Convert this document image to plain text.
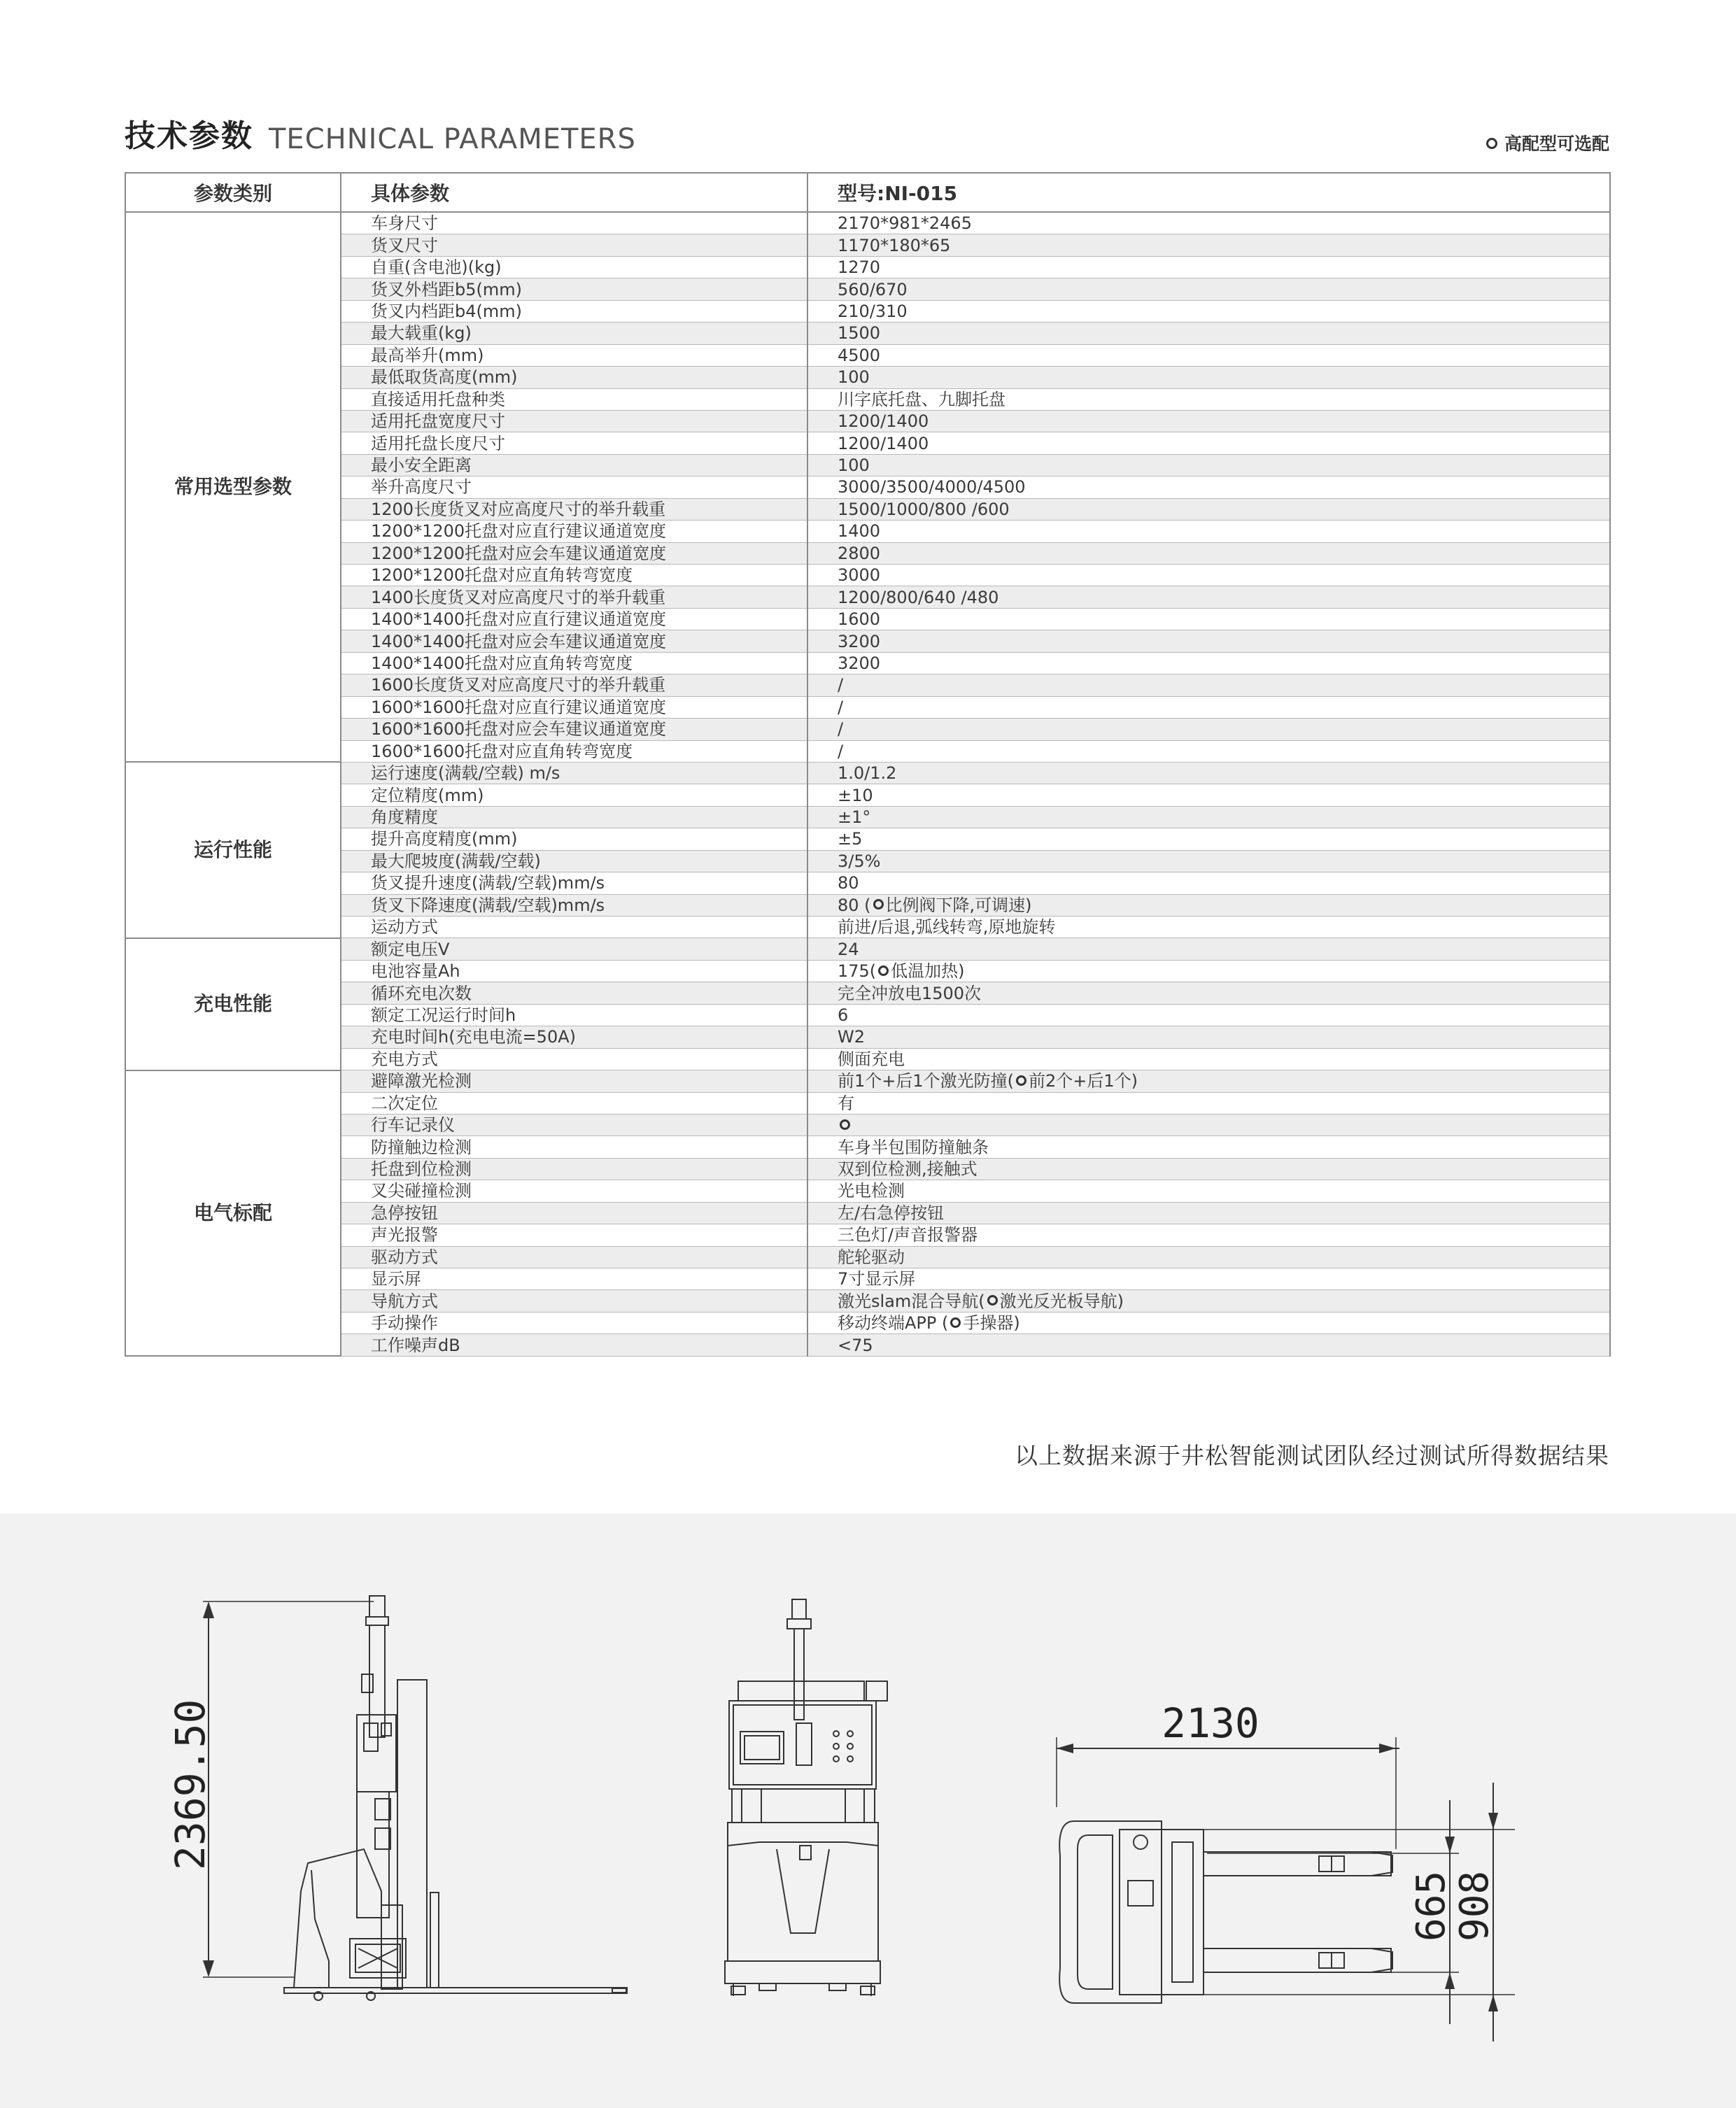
技术参数 TECHNICAL PARAMETERS	高配型可选配
参数类别	具体参数	型号:NI-015
常用选型参数	车身尺寸	2170*981*2465
	货叉尺寸	1170*180*65
	自重(含电池)(kg)	1270
	货叉外档距b5(mm)	560/670
	货叉内档距b4(mm)	210/310
	最大载重(kg)	1500
	最高举升(mm)	4500
	最低取货高度(mm)	100
	直接适用托盘种类	川字底托盘、九脚托盘
	适用托盘宽度尺寸	1200/1400
	适用托盘长度尺寸	1200/1400
	最小安全距离	100
	举升高度尺寸	3000/3500/4000/4500
	1200长度货叉对应高度尺寸的举升载重	1500/1000/800 /600
	1200*1200托盘对应直行建议通道宽度	1400
	1200*1200托盘对应会车建议通道宽度	2800
	1200*1200托盘对应直角转弯宽度	3000
	1400长度货叉对应高度尺寸的举升载重	1200/800/640 /480
	1400*1400托盘对应直行建议通道宽度	1600
	1400*1400托盘对应会车建议通道宽度	3200
	1400*1400托盘对应直角转弯宽度	3200
	1600长度货叉对应高度尺寸的举升载重	/
	1600*1600托盘对应直行建议通道宽度	/
	1600*1600托盘对应会车建议通道宽度	/
	1600*1600托盘对应直角转弯宽度	/
运行性能	运行速度(满载/空载) m/s	1.0/1.2
	定位精度(mm)	±10
	角度精度	±1°
	提升高度精度(mm)	±5
	最大爬坡度(满载/空载)	3/5%
	货叉提升速度(满载/空载)mm/s	80
	货叉下降速度(满载/空载)mm/s	80 ( 比例阀下降,可调速)
	运动方式	前进/后退,弧线转弯,原地旋转
充电性能	额定电压V	24
	电池容量Ah	175( 低温加热)
	循环充电次数	完全冲放电1500次
	额定工况运行时间h	6
	充电时间h(充电电流=50A)	W2
	充电方式	侧面充电
电气标配	避障激光检测	前1个+后1个激光防撞( 前2个+后1个)
	二次定位	有
	行车记录仪	
	防撞触边检测	车身半包围防撞触条
	托盘到位检测	双到位检测,接触式
	叉尖碰撞检测	光电检测
	急停按钮	左/右急停按钮
	声光报警	三色灯/声音报警器
	驱动方式	舵轮驱动
	显示屏	7寸显示屏
	导航方式	激光slam混合导航( 激光反光板导航)
	手动操作	移动终端APP ( 手操器)
	工作噪声dB	<75
以上数据来源于井松智能测试团队经过测试所得数据结果
2369.50	2130
665
908
